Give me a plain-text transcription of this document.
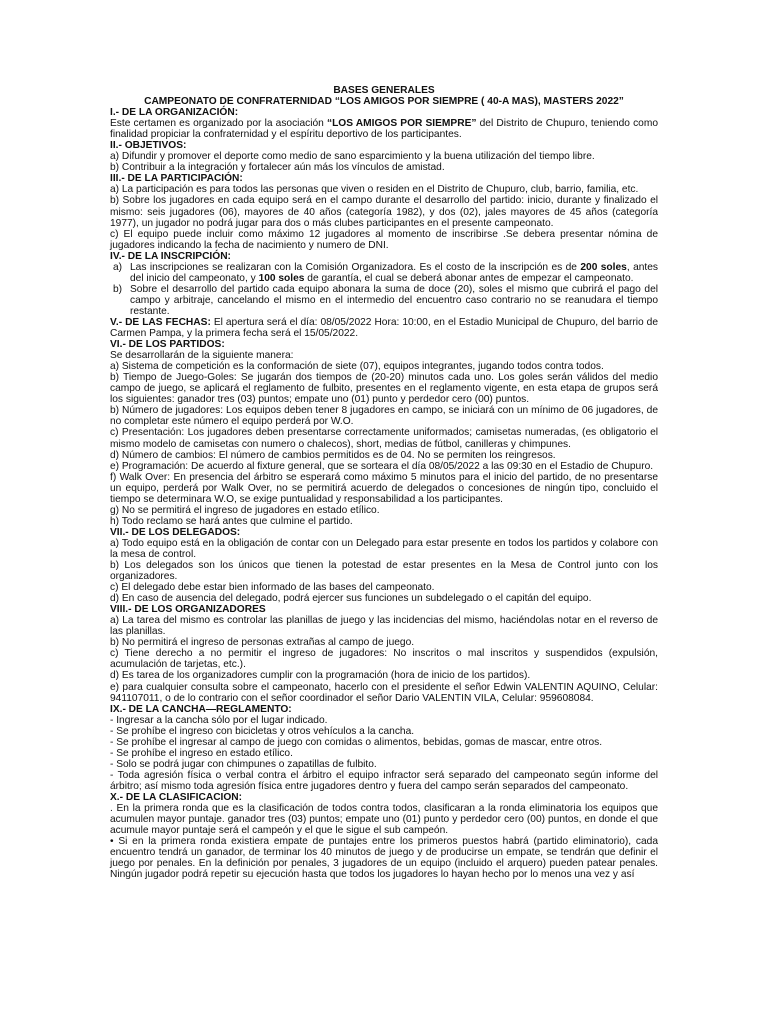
BASES GENERALES
CAMPEONATO DE CONFRATERNIDAD “LOS AMIGOS POR SIEMPRE ( 40-A MAS), MASTERS 2022”
I.- DE LA ORGANIZACIÓN:
Este certamen es organizado por la asociación “LOS AMIGOS POR SIEMPRE” del Distrito de Chupuro, teniendo como finalidad propiciar la confraternidad y el espíritu deportivo de los participantes.
II.- OBJETIVOS:
a) Difundir y promover el deporte como medio de sano esparcimiento y la buena utilización del tiempo libre.
b) Contribuir a la integración y fortalecer aún más los vínculos de amistad.
III.- DE LA PARTICIPACIÓN:
a) La participación es para todos las personas que viven o residen en el Distrito de Chupuro, club, barrio, familia, etc.
b) Sobre los jugadores en cada equipo será en el campo durante el desarrollo del partido: inicio, durante y finalizado el mismo: seis jugadores (06), mayores de 40 años (categoría 1982), y dos (02), jales mayores de 45 años (categoría 1977), un jugador no podrá jugar para dos o más clubes participantes en el presente campeonato.
c) El equipo puede incluir como máximo 12 jugadores al momento de inscribirse .Se debera presentar nómina de jugadores indicando la fecha de nacimiento y numero de DNI.
IV.- DE LA INSCRIPCIÓN:
a) Las inscripciones se realizaran con la Comisión Organizadora. Es el costo de la inscripción es de 200 soles, antes del inicio del campeonato, y 100 soles de garantía, el cual se deberá abonar antes de empezar el campeonato.
b) Sobre el desarrollo del partido cada equipo abonara la suma de doce (20), soles el mismo que cubrirá el pago del campo y arbitraje, cancelando el mismo en el intermedio del encuentro caso contrario no se reanudara el tiempo restante.
V.- DE LAS FECHAS: El apertura será el día: 08/05/2022 Hora: 10:00, en el Estadio Municipal de Chupuro, del barrio de Carmen Pampa, y la primera fecha será el 15/05/2022.
VI.- DE LOS PARTIDOS:
Se desarrollarán de la siguiente manera:
a) Sistema de competición es la conformación de siete (07), equipos integrantes, jugando todos contra todos.
b) Tiempo de Juego-Goles: Se jugarán dos tiempos de (20-20) minutos cada uno. Los goles serán válidos del medio campo de juego, se aplicará el reglamento de fulbito, presentes en el reglamento vigente, en esta etapa de grupos será los siguientes: ganador tres (03) puntos; empate uno (01) punto y perdedor cero (00) puntos.
b) Número de jugadores: Los equipos deben tener 8 jugadores en campo, se iniciará con un mínimo de 06 jugadores, de no completar este número el equipo perderá por W.O.
c) Presentación: Los jugadores deben presentarse correctamente uniformados; camisetas numeradas, (es obligatorio el mismo modelo de camisetas con numero o chalecos), short, medias de fútbol, canilleras y chimpunes.
d) Número de cambios: El número de cambios permitidos es de 04. No se permiten los reingresos.
e) Programación: De acuerdo al fixture general, que se sorteara el día 08/05/2022 a las 09:30 en el Estadio de Chupuro.
f) Walk Over: En presencia del árbitro se esperará como máximo 5 minutos para el inicio del partido, de no presentarse un equipo, perderá por Walk Over, no se permitirá acuerdo de delegados o concesiones de ningún tipo, concluido el tiempo se determinara W.O, se exige puntualidad y responsabilidad a los participantes.
g) No se permitirá el ingreso de jugadores en estado etílico.
h) Todo reclamo se hará antes que culmine el partido.
VII.- DE LOS DELEGADOS:
a) Todo equipo está en la obligación de contar con un Delegado para estar presente en todos los partidos y colabore con la mesa de control.
b) Los delegados son los únicos que tienen la potestad de estar presentes en la Mesa de Control junto con los organizadores.
c) El delegado debe estar bien informado de las bases del campeonato.
d) En caso de ausencia del delegado, podrá ejercer sus funciones un subdelegado o el capitán del equipo.
VIII.- DE LOS ORGANIZADORES
a) La tarea del mismo es controlar las planillas de juego y las incidencias del mismo, haciéndolas notar en el reverso de las planillas.
b) No permitirá el ingreso de personas extrañas al campo de juego.
c) Tiene derecho a no permitir el ingreso de jugadores: No inscritos o mal inscritos y suspendidos (expulsión, acumulación de tarjetas, etc.).
d) Es tarea de los organizadores cumplir con la programación (hora de inicio de los partidos).
e) para cualquier consulta sobre el campeonato, hacerlo con el presidente el señor Edwin VALENTIN AQUINO, Celular: 941107011, o de lo contrario con el señor coordinador el señor Dario VALENTIN VILA, Celular: 959608084.
IX.- DE LA CANCHA—REGLAMENTO:
- Ingresar a la cancha sólo por el lugar indicado.
- Se prohíbe el ingreso con bicicletas y otros vehículos a la cancha.
- Se prohíbe el ingresar al campo de juego con comidas o alimentos, bebidas, gomas de mascar, entre otros.
- Se prohíbe el ingreso en estado etílico.
- Solo se podrá jugar con chimpunes o zapatillas de fulbito.
- Toda agresión física o verbal contra el árbitro el equipo infractor será separado del campeonato según informe del árbitro; así mismo toda agresión física entre jugadores dentro y fuera del campo serán separados del campeonato.
X.- DE LA CLASIFICACION:
. En la primera ronda que es la clasificación de todos contra todos, clasificaran a la ronda eliminatoria los equipos que acumulen mayor puntaje. ganador tres (03) puntos; empate uno (01) punto y perdedor cero (00) puntos, en donde el que acumule mayor puntaje será el campeón y el que le sigue el sub campeón.
• Si en la primera ronda existiera empate de puntajes entre los primeros puestos habrá (partido eliminatorio), cada encuentro tendrá un ganador, de terminar los 40 minutos de juego y de producirse un empate, se tendrán que definir el juego por penales. En la definición por penales, 3 jugadores de un equipo (incluido el arquero) pueden patear penales. Ningún jugador podrá repetir su ejecución hasta que todos los jugadores lo hayan hecho por lo menos una vez y así
